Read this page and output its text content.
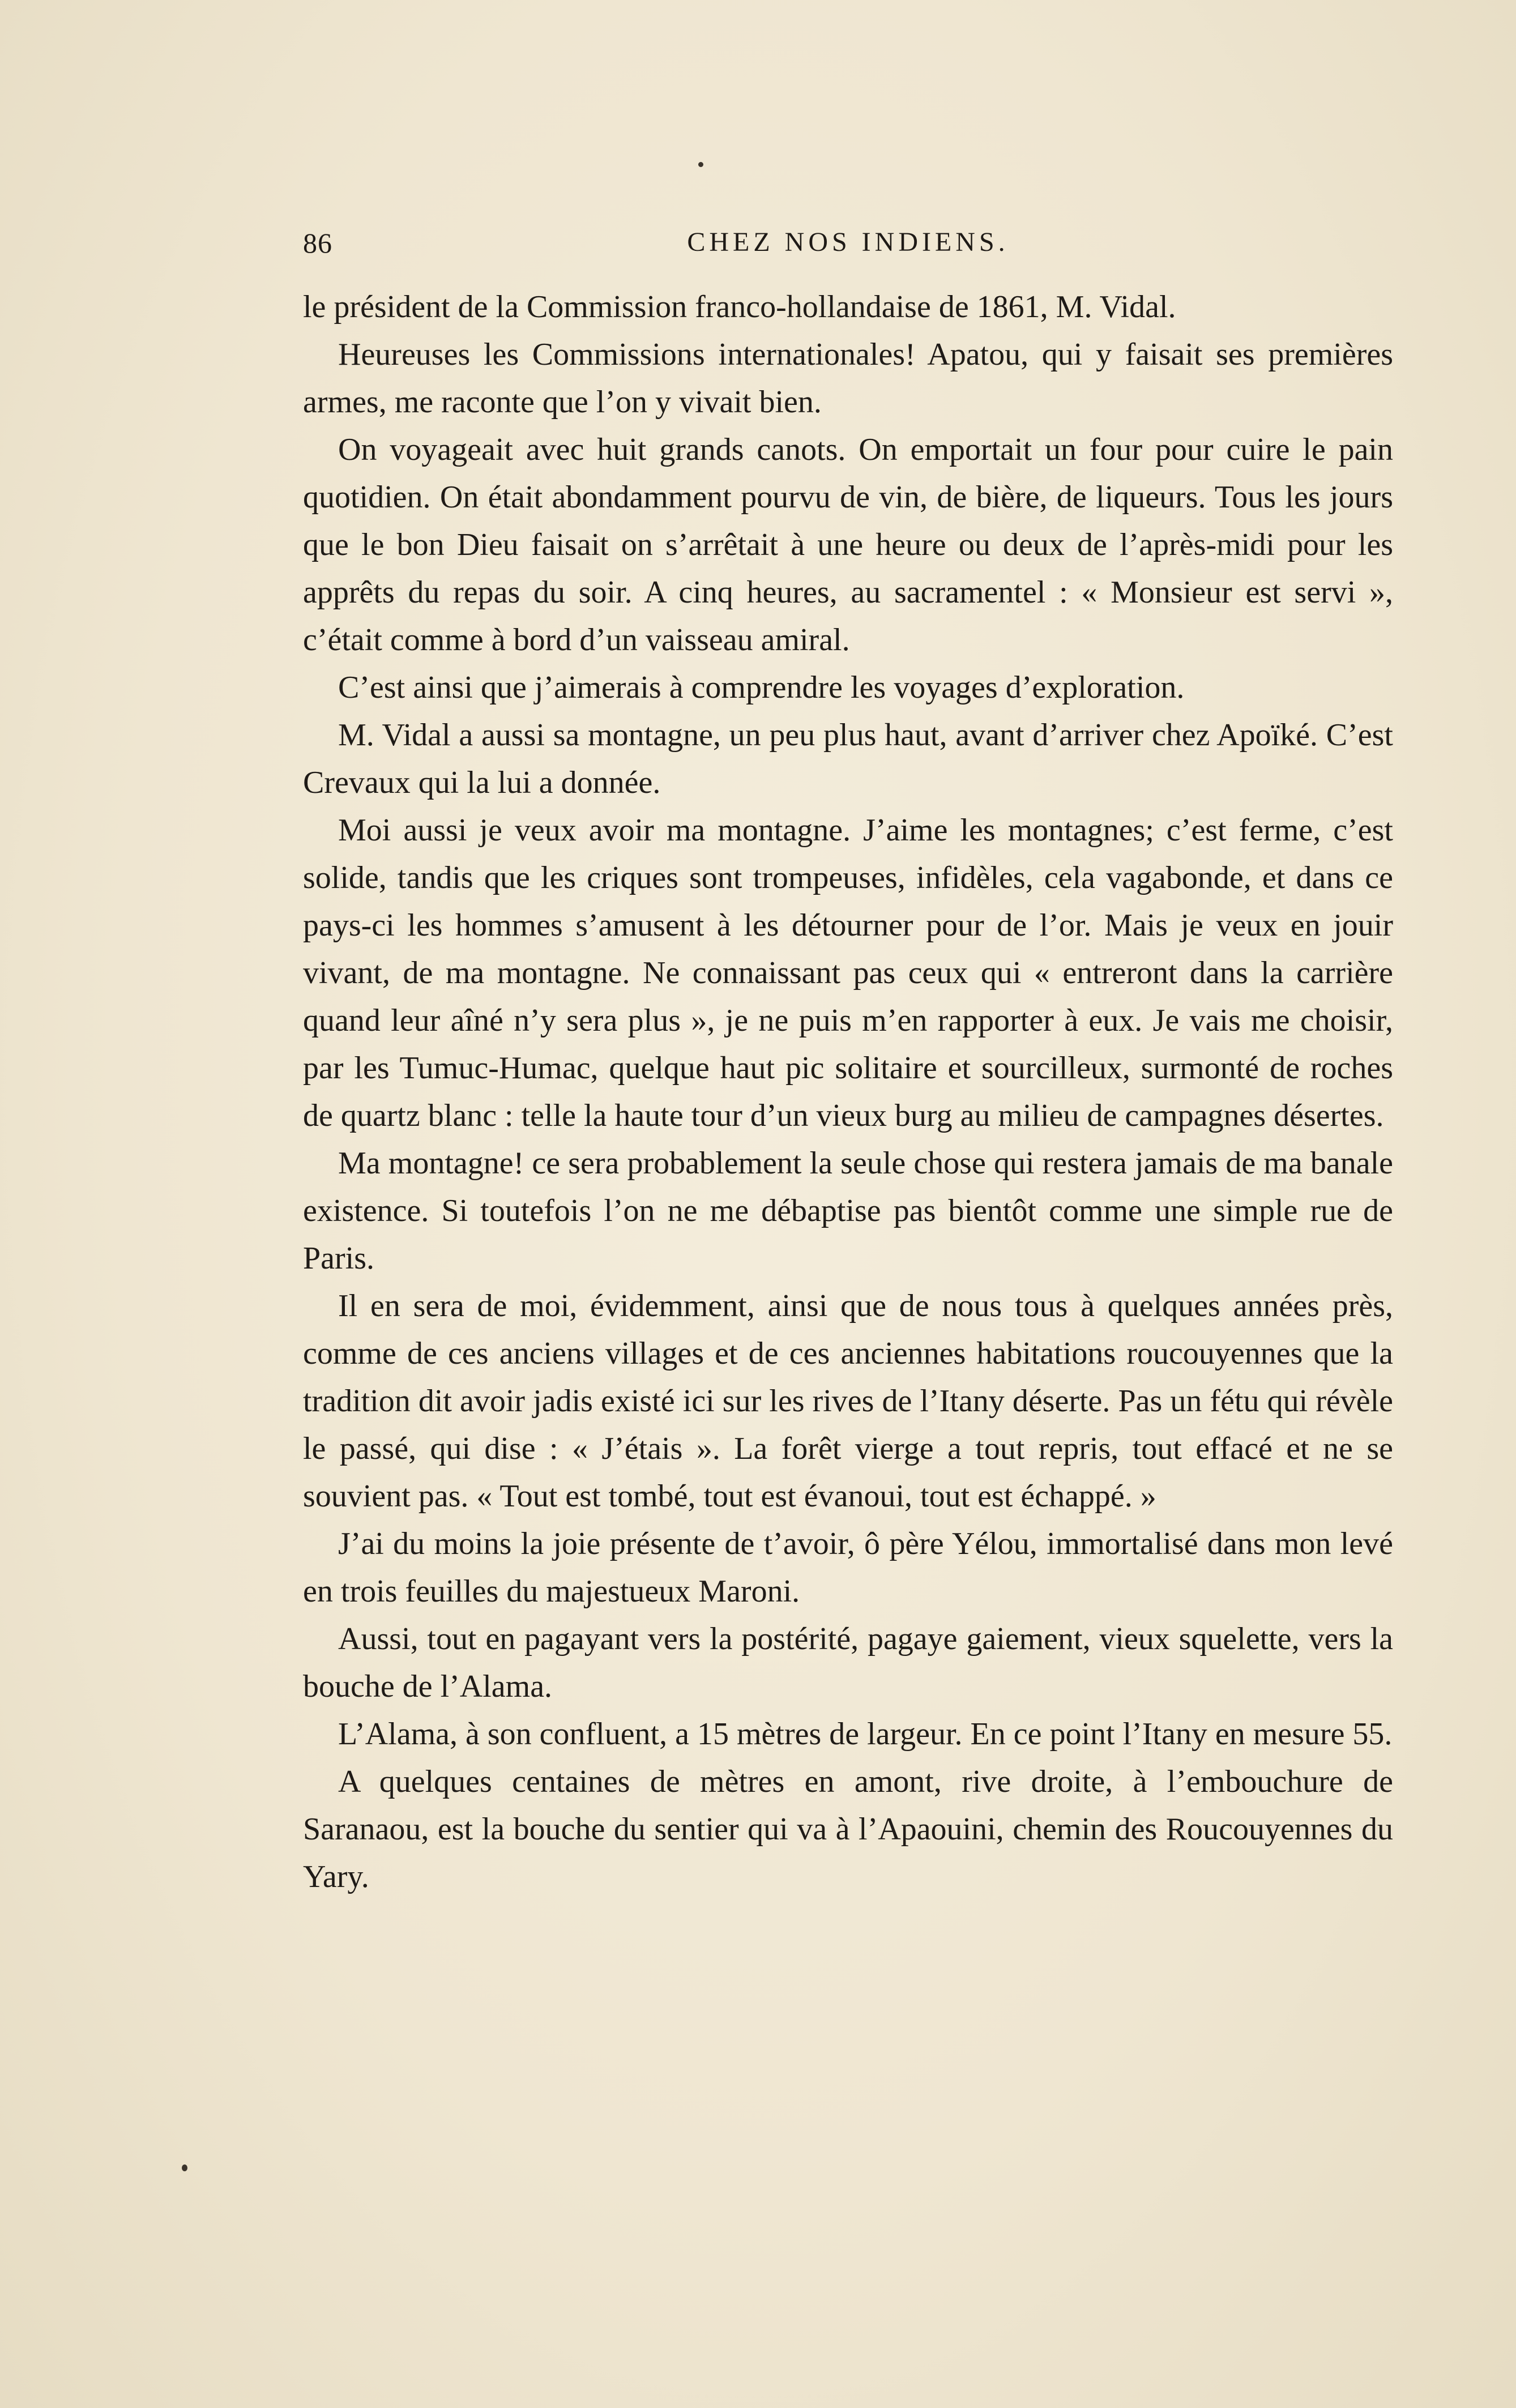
86	CHEZ NOS INDIENS.

le président de la Commission franco-hollandaise de 1861, M. Vidal.

Heureuses les Commissions internationales! Apatou, qui y faisait ses premières armes, me raconte que l’on y vivait bien.

On voyageait avec huit grands canots. On emportait un four pour cuire le pain quotidien. On était abondamment pourvu de vin, de bière, de liqueurs. Tous les jours que le bon Dieu faisait on s’arrêtait à une heure ou deux de l’après-midi pour les apprêts du repas du soir. A cinq heures, au sacramentel : « Monsieur est servi », c’était comme à bord d’un vaisseau amiral.

C’est ainsi que j’aimerais à comprendre les voyages d’exploration.

M. Vidal a aussi sa montagne, un peu plus haut, avant d’arriver chez Apoïké. C’est Crevaux qui la lui a donnée.

Moi aussi je veux avoir ma montagne. J’aime les montagnes; c’est ferme, c’est solide, tandis que les criques sont trompeuses, infidèles, cela vagabonde, et dans ce pays-ci les hommes s’amusent à les détourner pour de l’or. Mais je veux en jouir vivant, de ma montagne. Ne connaissant pas ceux qui « entreront dans la carrière quand leur aîné n’y sera plus », je ne puis m’en rapporter à eux. Je vais me choisir, par les Tumuc-Humac, quelque haut pic solitaire et sourcilleux, surmonté de roches de quartz blanc : telle la haute tour d’un vieux burg au milieu de campagnes désertes.

Ma montagne! ce sera probablement la seule chose qui restera jamais de ma banale existence. Si toutefois l’on ne me débaptise pas bientôt comme une simple rue de Paris.

Il en sera de moi, évidemment, ainsi que de nous tous à quelques années près, comme de ces anciens villages et de ces anciennes habitations roucouyennes que la tradition dit avoir jadis existé ici sur les rives de l’Itany déserte. Pas un fétu qui révèle le passé, qui dise : « J’étais ». La forêt vierge a tout repris, tout effacé et ne se souvient pas. « Tout est tombé, tout est évanoui, tout est échappé. »

J’ai du moins la joie présente de t’avoir, ô père Yélou, immortalisé dans mon levé en trois feuilles du majestueux Maroni.

Aussi, tout en pagayant vers la postérité, pagaye gaiement, vieux squelette, vers la bouche de l’Alama.

L’Alama, à son confluent, a 15 mètres de largeur. En ce point l’Itany en mesure 55.

A quelques centaines de mètres en amont, rive droite, à l’embouchure de Saranaou, est la bouche du sentier qui va à l’Apaouini, chemin des Roucouyennes du Yary.
